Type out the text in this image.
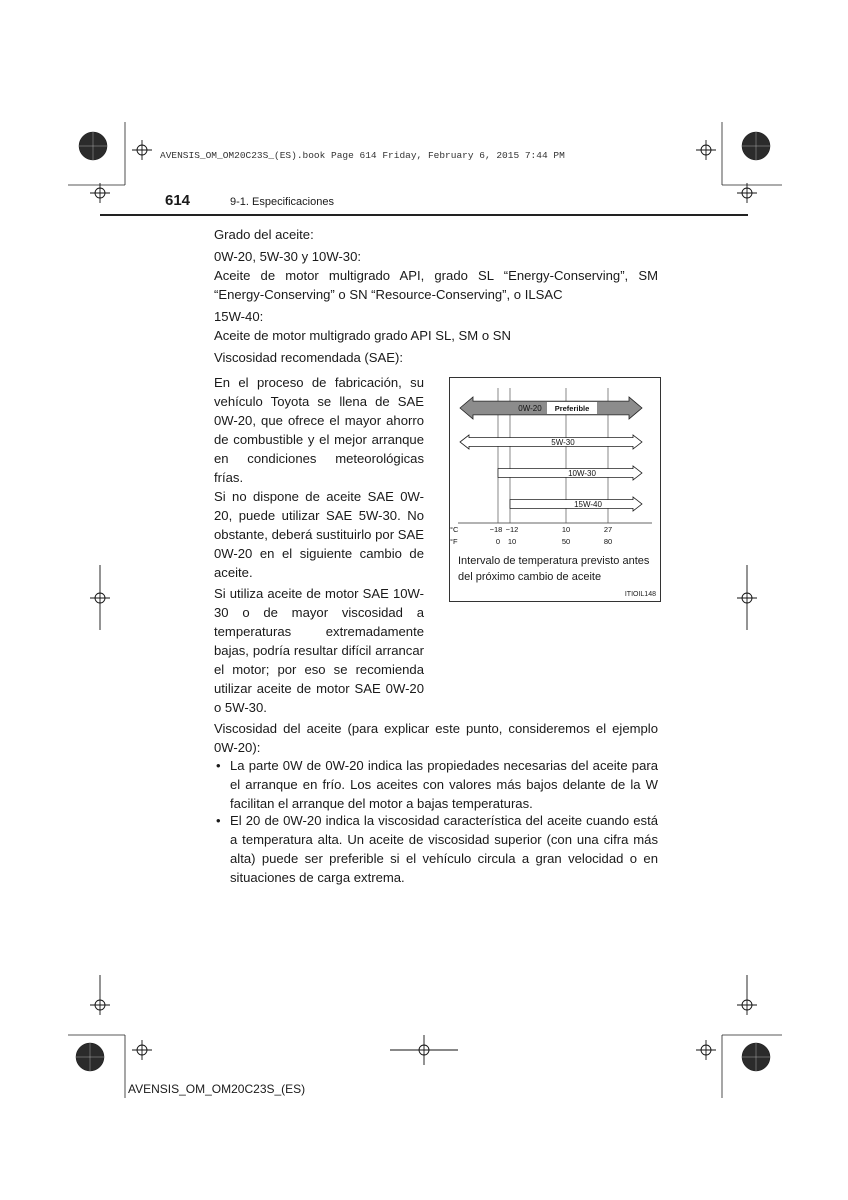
AVENSIS_OM_OM20C23S_(ES).book Page 614 Friday, February 6, 2015 7:44 PM
614	9-1. Especificaciones

Grado del aceite:

0W-20, 5W-30 y 10W-30:

Aceite de motor multigrado API, grado SL “Energy-Conserving”, SM “Energy-Conserving” o SN “Resource-Conserving”, o ILSAC

15W-40:

Aceite de motor multigrado grado API SL, SM o SN

Viscosidad recomendada (SAE):

En el proceso de fabricación, su vehículo Toyota se llena de SAE 0W-20, que ofrece el mayor ahorro de combustible y el mejor arranque en condiciones meteorológicas frías.

Si no dispone de aceite SAE 0W-20, puede utilizar SAE 5W-30. No obstante, deberá sustituirlo por SAE 0W-20 en el siguiente cambio de aceite.

Si utiliza aceite de motor SAE 10W-30 o de mayor viscosidad a temperaturas extremadamente bajas, podría resultar difícil arrancar el motor; por eso se recomienda utilizar aceite de motor SAE 0W-20 o 5W-30.

0W-20 Preferible
5W-30
10W-30
15W-40
°C
°F
−18 −12	10	27
0 10	50	80
Intervalo de temperatura previsto antes del próximo cambio de aceite
ITIOIL148

Viscosidad del aceite (para explicar este punto, consideremos el ejemplo 0W-20):

• La parte 0W de 0W-20 indica las propiedades necesarias del aceite para el arranque en frío. Los aceites con valores más bajos delante de la W facilitan el arranque del motor a bajas temperaturas.
• El 20 de 0W-20 indica la viscosidad característica del aceite cuando está a temperatura alta. Un aceite de viscosidad superior (con una cifra más alta) puede ser preferible si el vehículo circula a gran velocidad o en situaciones de carga extrema.
AVENSIS_OM_OM20C23S_(ES)
